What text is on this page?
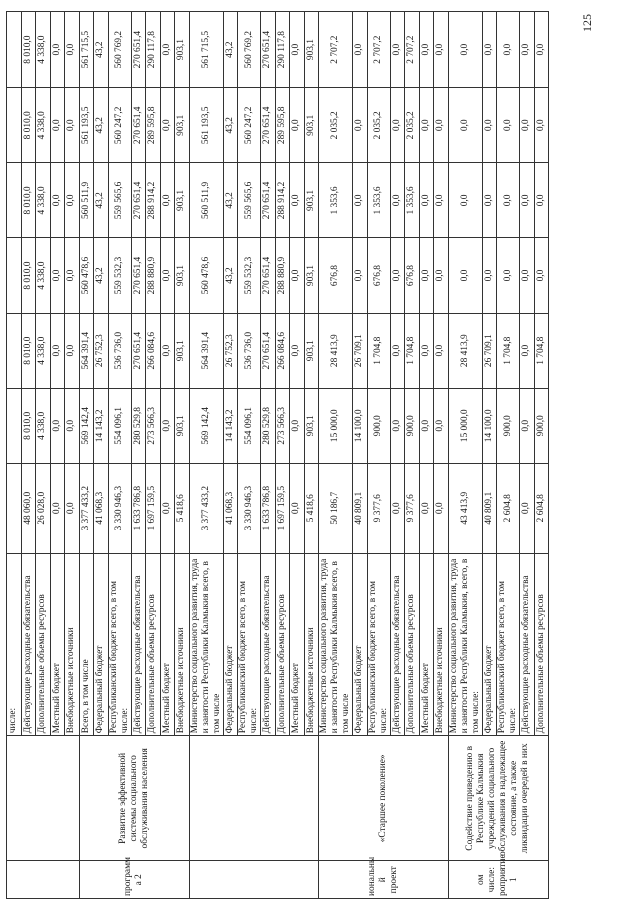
125
		числе:							
		Действующие расходные обязательства	48 060,0	8 010,0	8 010,0	8 010,0	8 010,0	8 010,0	8 010,0
		Дополнительные объемы ресурсов	26 028,0	4 338,0	4 338,0	4 338,0	4 338,0	4 338,0	4 338,0
		Местный бюджет	0,0	0,0	0,0	0,0	0,0	0,0	0,0
		Внебюджетные источники	0,0	0,0	0,0	0,0	0,0	0,0	0,0
программ а 2	Развитие эффективной системы социального обслуживания населения	Всего, в том числе	3 377 433,2	569 142,4	564 391,4	560 478,6	560 511,9	561 193,5	561 715,5
		Федеральный бюджет	41 068,3	14 143,2	26 752,3	43,2	43,2	43,2	43,2
		Республиканский бюджет всего, в том числе:	3 330 946,3	554 096,1	536 736,0	559 532,3	559 565,6	560 247,2	560 769,2
		Действующие расходные обязательства	1 633 786,8	280 529,8	270 651,4	270 651,4	270 651,4	270 651,4	270 651,4
		Дополнительные объемы ресурсов	1 697 159,5	273 566,3	266 084,6	288 880,9	288 914,2	289 595,8	290 117,8
		Местный бюджет	0,0	0,0	0,0	0,0	0,0	0,0	0,0
		Внебюджетные источники	5 418,6	903,1	903,1	903,1	903,1	903,1	903,1
		Министерство социального развития, труда и занятости Республики Калмыкия всего, в том числе	3 377 433,2	569 142,4	564 391,4	560 478,6	560 511,9	561 193,5	561 715,5
		Федеральный бюджет	41 068,3	14 143,2	26 752,3	43,2	43,2	43,2	43,2
		Республиканский бюджет всего, в том числе:	3 330 946,3	554 096,1	536 736,0	559 532,3	559 565,6	560 247,2	560 769,2
		Действующие расходные обязательства	1 633 786,8	280 529,8	270 651,4	270 651,4	270 651,4	270 651,4	270 651,4
		Дополнительные объемы ресурсов	1 697 159,5	273 566,3	266 084,6	288 880,9	288 914,2	289 595,8	290 117,8
		Местный бюджет	0,0	0,0	0,0	0,0	0,0	0,0	0,0
		Внебюджетные источники	5 418,6	903,1	903,1	903,1	903,1	903,1	903,1
иональны й проект	«Старшее поколение»	Министерство социального развития, труда и занятости Республики Калмыкия всего, в том числе	50 186,7	15 000,0	28 413,9	676,8	1 353,6	2 035,2	2 707,2
		Федеральный бюджет	40 809,1	14 100,0	26 709,1	0,0	0,0	0,0	0,0
		Республиканский бюджет всего, в том числе:	9 377,6	900,0	1 704,8	676,8	1 353,6	2 035,2	2 707,2
		Действующие расходные обязательства	0,0	0,0	0,0	0,0	0,0	0,0	0,0
		Дополнительные объемы ресурсов	9 377,6	900,0	1 704,8	676,8	1 353,6	2 035,2	2 707,2
		Местный бюджет	0,0	0,0	0,0	0,0	0,0	0,0	0,0
		Внебюджетные источники	0,0	0,0	0,0	0,0	0,0	0,0	0,0
ом числе: роприятие 1	Содействие приведению в Республике Калмыкия учреждений социального обслуживания в надлежащее состояние, а также ликвидации очередей в них	Министерство социального развития, труда и занятости Республики Калмыкия, всего, в том числе:	43 413,9	15 000,0	28 413,9	0,0	0,0	0,0	0,0
		Федеральный бюджет	40 809,1	14 100,0	26 709,1	0,0	0,0	0,0	0,0
		Республиканский бюджет всего, в том числе:	2 604,8	900,0	1 704,8	0,0	0,0	0,0	0,0
		Действующие расходные обязательства	0,0	0,0	0,0	0,0	0,0	0,0	0,0
		Дополнительные объемы ресурсов	2 604,8	900,0	1 704,8	0,0	0,0	0,0	0,0
